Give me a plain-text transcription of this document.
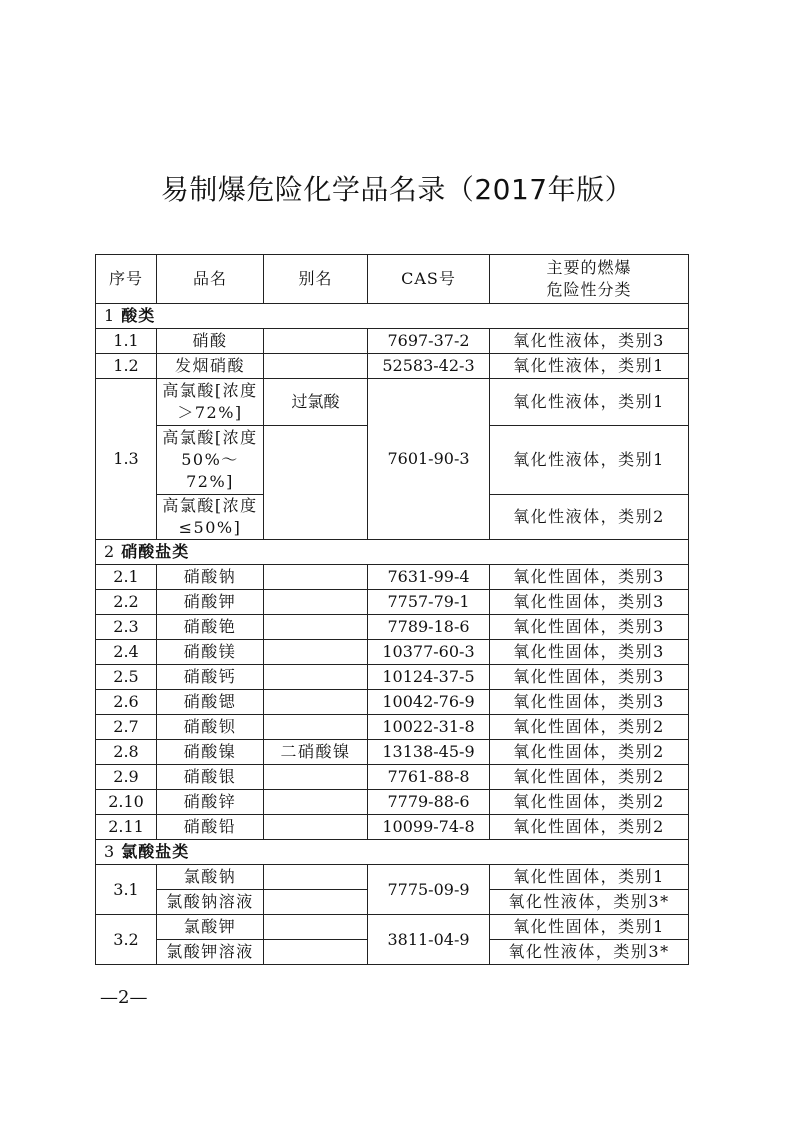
易制爆危险化学品名录（2017年版）
序号	品名	别名	CAS号	主要的燃爆
危险性分类
1 酸类				
1.1	硝酸		7697-37-2	氧化性液体，类别3
1.2	发烟硝酸		52583-42-3	氧化性液体，类别1
1.3	高氯酸[浓度＞72%]	过氯酸	7601-90-3	氧化性液体，类别1
	高氯酸[浓度50%～72%]			氧化性液体，类别1
	高氯酸[浓度≤50%]			氧化性液体，类别2
2 硝酸盐类				
2.1	硝酸钠		7631-99-4	氧化性固体，类别3
2.2	硝酸钾		7757-79-1	氧化性固体，类别3
2.3	硝酸铯		7789-18-6	氧化性固体，类别3
2.4	硝酸镁		10377-60-3	氧化性固体，类别3
2.5	硝酸钙		10124-37-5	氧化性固体，类别3
2.6	硝酸锶		10042-76-9	氧化性固体，类别3
2.7	硝酸钡		10022-31-8	氧化性固体，类别2
2.8	硝酸镍	二硝酸镍	13138-45-9	氧化性固体，类别2
2.9	硝酸银		7761-88-8	氧化性固体，类别2
2.10	硝酸锌		7779-88-6	氧化性固体，类别2
2.11	硝酸铅		10099-74-8	氧化性固体，类别2
3 氯酸盐类				
3.1	氯酸钠		7775-09-9	氧化性固体，类别1
	氯酸钠溶液			氧化性液体，类别3*
3.2	氯酸钾		3811-04-9	氧化性固体，类别1
	氯酸钾溶液			氧化性液体，类别3*
—2—
